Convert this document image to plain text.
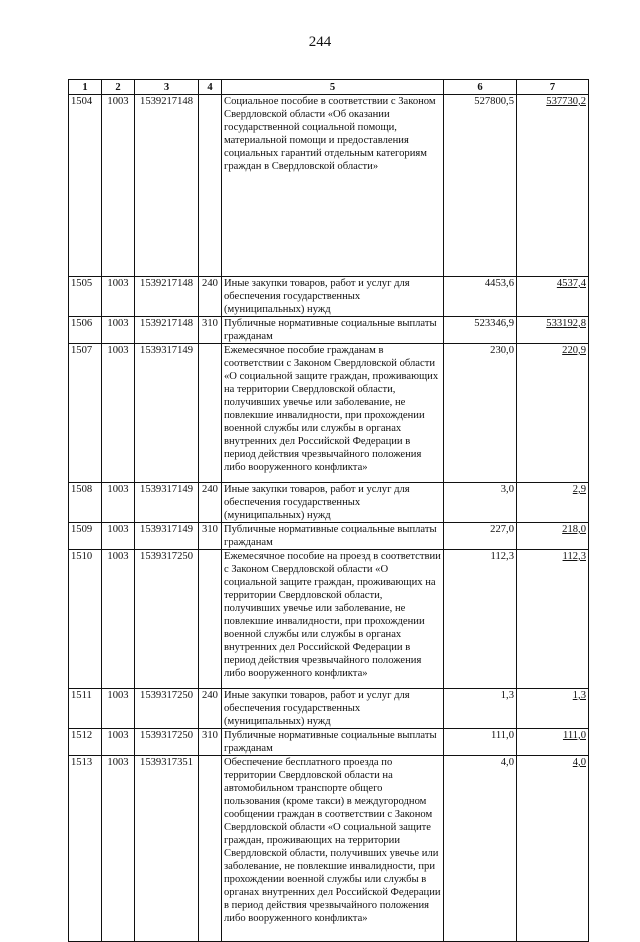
244
1	2	3	4	5	6	7
1504	1003	1539217148		Социальное пособие в соответствии с Законом Свердловской области «Об оказании государственной социальной помощи, материальной помощи и предоставления социальных гарантий отдельным категориям граждан в Свердловской области»	527800,5	537730,2
1505	1003	1539217148	240	Иные закупки товаров, работ и услуг для обеспечения государственных (муниципальных) нужд	4453,6	4537,4
1506	1003	1539217148	310	Публичные нормативные социальные выплаты гражданам	523346,9	533192,8
1507	1003	1539317149		Ежемесячное пособие гражданам в соответствии с Законом Свердловской области «О социальной защите граждан, проживающих на территории Свердловской области, получивших увечье или заболевание, не повлекшие инвалидности, при прохождении военной службы или службы в органах внутренних дел Российской Федерации в период действия чрезвычайного положения либо вооруженного конфликта»	230,0	220,9
1508	1003	1539317149	240	Иные закупки товаров, работ и услуг для обеспечения государственных (муниципальных) нужд	3,0	2,9
1509	1003	1539317149	310	Публичные нормативные социальные выплаты гражданам	227,0	218,0
1510	1003	1539317250		Ежемесячное пособие на проезд в соответствии с Законом Свердловской области «О социальной защите граждан, проживающих на территории Свердловской области, получивших увечье или заболевание, не повлекшие инвалидности, при прохождении военной службы или службы в органах внутренних дел Российской Федерации в период действия чрезвычайного положения либо вооруженного конфликта»	112,3	112,3
1511	1003	1539317250	240	Иные закупки товаров, работ и услуг для обеспечения государственных (муниципальных) нужд	1,3	1,3
1512	1003	1539317250	310	Публичные нормативные социальные выплаты гражданам	111,0	111,0
1513	1003	1539317351		Обеспечение бесплатного проезда по территории Свердловской области на автомобильном транспорте общего пользования (кроме такси) в междугородном сообщении граждан в соответствии с Законом Свердловской области «О социальной защите граждан, проживающих на территории Свердловской области, получивших увечье или заболевание, не повлекшие инвалидности, при прохождении военной службы или службы в органах внутренних дел Российской Федерации в период действия чрезвычайного положения либо вооруженного конфликта»	4,0	4,0
